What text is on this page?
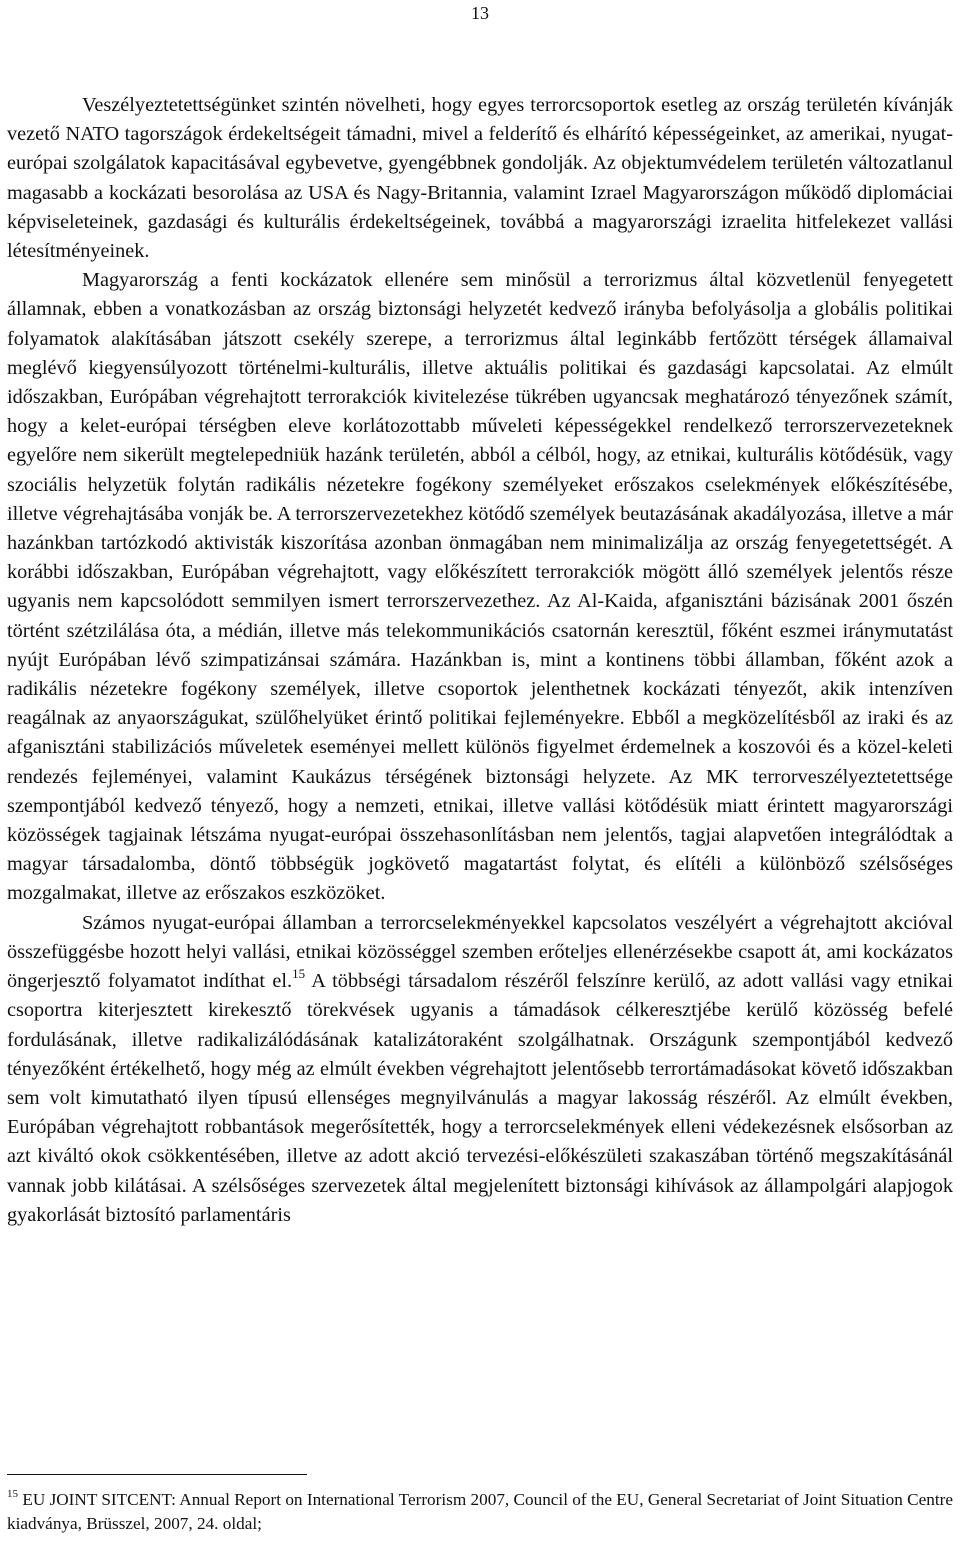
13

Veszélyeztetettségünket szintén növelheti, hogy egyes terrorcsoportok esetleg az ország területén kívánják vezető NATO tagországok érdekeltségeit támadni, mivel a felderítő és elhárító képességeinket, az amerikai, nyugat-európai szolgálatok kapacitásával egybevetve, gyengébbnek gondolják. Az objektumvédelem területén változatlanul magasabb a kockázati besorolása az USA és Nagy-Britannia, valamint Izrael Magyarországon működő diplomáciai képviseleteinek, gazdasági és kulturális érdekeltségeinek, továbbá a magyarországi izraelita hitfelekezet vallási létesítményeinek.

Magyarország a fenti kockázatok ellenére sem minősül a terrorizmus által közvetlenül fenyegetett államnak, ebben a vonatkozásban az ország biztonsági helyzetét kedvező irányba befolyásolja a globális politikai folyamatok alakításában játszott csekély szerepe, a terrorizmus által leginkább fertőzött térségek államaival meglévő kiegyensúlyozott történelmi-kulturális, illetve aktuális politikai és gazdasági kapcsolatai. Az elmúlt időszakban, Európában végrehajtott terrorakciók kivitelezése tükrében ugyancsak meghatározó tényezőnek számít, hogy a kelet-európai térségben eleve korlátozottabb műveleti képességekkel rendelkező terrorszervezeteknek egyelőre nem sikerült megtelepedniük hazánk területén, abból a célból, hogy, az etnikai, kulturális kötődésük, vagy szociális helyzetük folytán radikális nézetekre fogékony személyeket erőszakos cselekmények előkészítésébe, illetve végrehajtásába vonják be. A terrorszervezetekhez kötődő személyek beutazásának akadályozása, illetve a már hazánkban tartózkodó aktivisták kiszorítása azonban önmagában nem minimalizálja az ország fenyegetettségét. A korábbi időszakban, Európában végrehajtott, vagy előkészített terrorakciók mögött álló személyek jelentős része ugyanis nem kapcsolódott semmilyen ismert terrorszervezethez. Az Al-Kaida, afganisztáni bázisának 2001 őszén történt szétzilálása óta, a médián, illetve más telekommunikációs csatornán keresztül, főként eszmei iránymutatást nyújt Európában lévő szimpatizánsai számára. Hazánkban is, mint a kontinens többi államban, főként azok a radikális nézetekre fogékony személyek, illetve csoportok jelenthetnek kockázati tényezőt, akik intenzíven reagálnak az anyaországukat, szülőhelyüket érintő politikai fejleményekre. Ebből a megközelítésből az iraki és az afganisztáni stabilizációs műveletek eseményei mellett különös figyelmet érdemelnek a koszovói és a közel-keleti rendezés fejleményei, valamint Kaukázus térségének biztonsági helyzete. Az MK terrorveszélyeztetettsége szempontjából kedvező tényező, hogy a nemzeti, etnikai, illetve vallási kötődésük miatt érintett magyarországi közösségek tagjainak létszáma nyugat-európai összehasonlításban nem jelentős, tagjai alapvetően integrálódtak a magyar társadalomba, döntő többségük jogkövető magatartást folytat, és elítéli a különböző szélsőséges mozgalmakat, illetve az erőszakos eszközöket.

Számos nyugat-európai államban a terrorcselekményekkel kapcsolatos veszélyért a végrehajtott akcióval összefüggésbe hozott helyi vallási, etnikai közösséggel szemben erőteljes ellenérzésekbe csapott át, ami kockázatos öngerjesztő folyamatot indíthat el.$^{15}$ A többségi társadalom részéről felszínre kerülő, az adott vallási vagy etnikai csoportra kiterjesztett kirekesztő törekvések ugyanis a támadások célkeresztjébe kerülő közösség befelé fordulásának, illetve radikalizálódásának katalizátoraként szolgálhatnak. Országunk szempontjából kedvező tényezőként értékelhető, hogy még az elmúlt években végrehajtott jelentősebb terrortámadásokat követő időszakban sem volt kimutatható ilyen típusú ellenséges megnyilvánulás a magyar lakosság részéről. Az elmúlt években, Európában végrehajtott robbantások megerősítették, hogy a terrorcselekmények elleni védekezésnek elsősorban az azt kiváltó okok csökkentésében, illetve az adott akció tervezési-előkészületi szakaszában történő megszakításánál vannak jobb kilátásai. A szélsőséges szervezetek által megjelenített biztonsági kihívások az állampolgári alapjogok gyakorlását biztosító parlamentáris

$^{15}$ EU JOINT SITCENT: Annual Report on International Terrorism 2007, Council of the EU, General Secretariat of Joint Situation Centre kiadványa, Brüsszel, 2007, 24. oldal;
